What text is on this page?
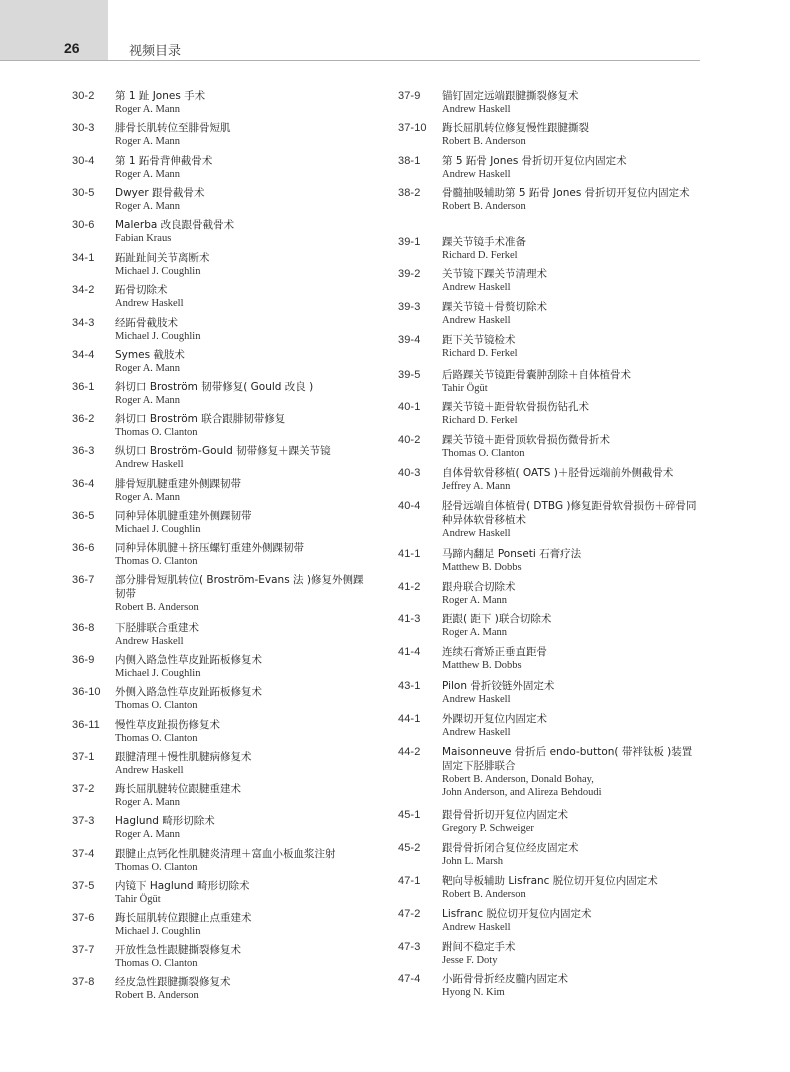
26	视频目录
30-2 第 1 趾 Jones 手术
Roger A. Mann
30-3 腓骨长肌转位至腓骨短肌
Roger A. Mann
30-4 第 1 跖骨背伸截骨术
Roger A. Mann
30-5 Dwyer 跟骨截骨术
Roger A. Mann
30-6 Malerba 改良跟骨截骨术
Fabian Kraus
34-1 跖趾趾间关节离断术
Michael J. Coughlin
34-2 跖骨切除术
Andrew Haskell
34-3 经跖骨截肢术
Michael J. Coughlin
34-4 Symes 截肢术
Roger A. Mann
36-1 斜切口 Broström 韧带修复( Gould 改良 )
Roger A. Mann
36-2 斜切口 Broström 联合跟腓韧带修复
Thomas O. Clanton
36-3 纵切口 Broström-Gould 韧带修复＋踝关节镜
Andrew Haskell
36-4 腓骨短肌腱重建外侧踝韧带
Roger A. Mann
36-5 同种异体肌腱重建外侧踝韧带
Michael J. Coughlin
36-6 同种异体肌腱＋挤压螺钉重建外侧踝韧带
Thomas O. Clanton
36-7 部分腓骨短肌转位( Broström-Evans 法 )修复外侧踝韧带
Robert B. Anderson
36-8 下胫腓联合重建术
Andrew Haskell
36-9 内侧入路急性草皮趾跖板修复术
Michael J. Coughlin
36-10 外侧入路急性草皮趾跖板修复术
Thomas O. Clanton
36-11 慢性草皮趾损伤修复术
Thomas O. Clanton
37-1 跟腱清理＋慢性肌腱病修复术
Andrew Haskell
37-2 踇长屈肌腱转位跟腱重建术
Roger A. Mann
37-3 Haglund 畸形切除术
Roger A. Mann
37-4 跟腱止点钙化性肌腱炎清理＋富血小板血浆注射
Thomas O. Clanton
37-5 内镜下 Haglund 畸形切除术
Tahir Ögüt
37-6 踇长屈肌转位跟腱止点重建术
Michael J. Coughlin
37-7 开放性急性跟腱撕裂修复术
Thomas O. Clanton
37-8 经皮急性跟腱撕裂修复术
Robert B. Anderson
37-9 锚钉固定远端跟腱撕裂修复术
Andrew Haskell
37-10 踇长屈肌转位修复慢性跟腱撕裂
Robert B. Anderson
38-1 第 5 跖骨 Jones 骨折切开复位内固定术
Andrew Haskell
38-2 骨髓抽吸辅助第 5 跖骨 Jones 骨折切开复位内固定术
Robert B. Anderson
39-1 踝关节镜手术准备
Richard D. Ferkel
39-2 关节镜下踝关节清理术
Andrew Haskell
39-3 踝关节镜＋骨赘切除术
Andrew Haskell
39-4 距下关节镜检术
Richard D. Ferkel
39-5 后路踝关节镜距骨囊肿刮除＋自体植骨术
Tahir Ögüt
40-1 踝关节镜＋距骨软骨损伤钻孔术
Richard D. Ferkel
40-2 踝关节镜＋距骨顶软骨损伤微骨折术
Thomas O. Clanton
40-3 自体骨软骨移植( OATS )＋胫骨远端前外侧截骨术
Jeffrey A. Mann
40-4 胫骨远端自体植骨( DTBG )修复距骨软骨损伤＋碎骨同种异体软骨移植术
Andrew Haskell
41-1 马蹄内翻足 Ponseti 石膏疗法
Matthew B. Dobbs
41-2 跟舟联合切除术
Roger A. Mann
41-3 距跟( 距下 )联合切除术
Roger A. Mann
41-4 连续石膏矫正垂直距骨
Matthew B. Dobbs
43-1 Pilon 骨折铰链外固定术
Andrew Haskell
44-1 外踝切开复位内固定术
Andrew Haskell
44-2 Maisonneuve 骨折后 endo-button( 带袢钛板 )装置固定下胫腓联合
Robert B. Anderson, Donald Bohay,
John Anderson, and Alireza Behdoudi
45-1 跟骨骨折切开复位内固定术
Gregory P. Schweiger
45-2 跟骨骨折闭合复位经皮固定术
John L. Marsh
47-1 靶向导板辅助 Lisfranc 脱位切开复位内固定术
Robert B. Anderson
47-2 Lisfranc 脱位切开复位内固定术
Andrew Haskell
47-3 跗间不稳定手术
Jesse F. Doty
47-4 小跖骨骨折经皮髓内固定术
Hyong N. Kim
